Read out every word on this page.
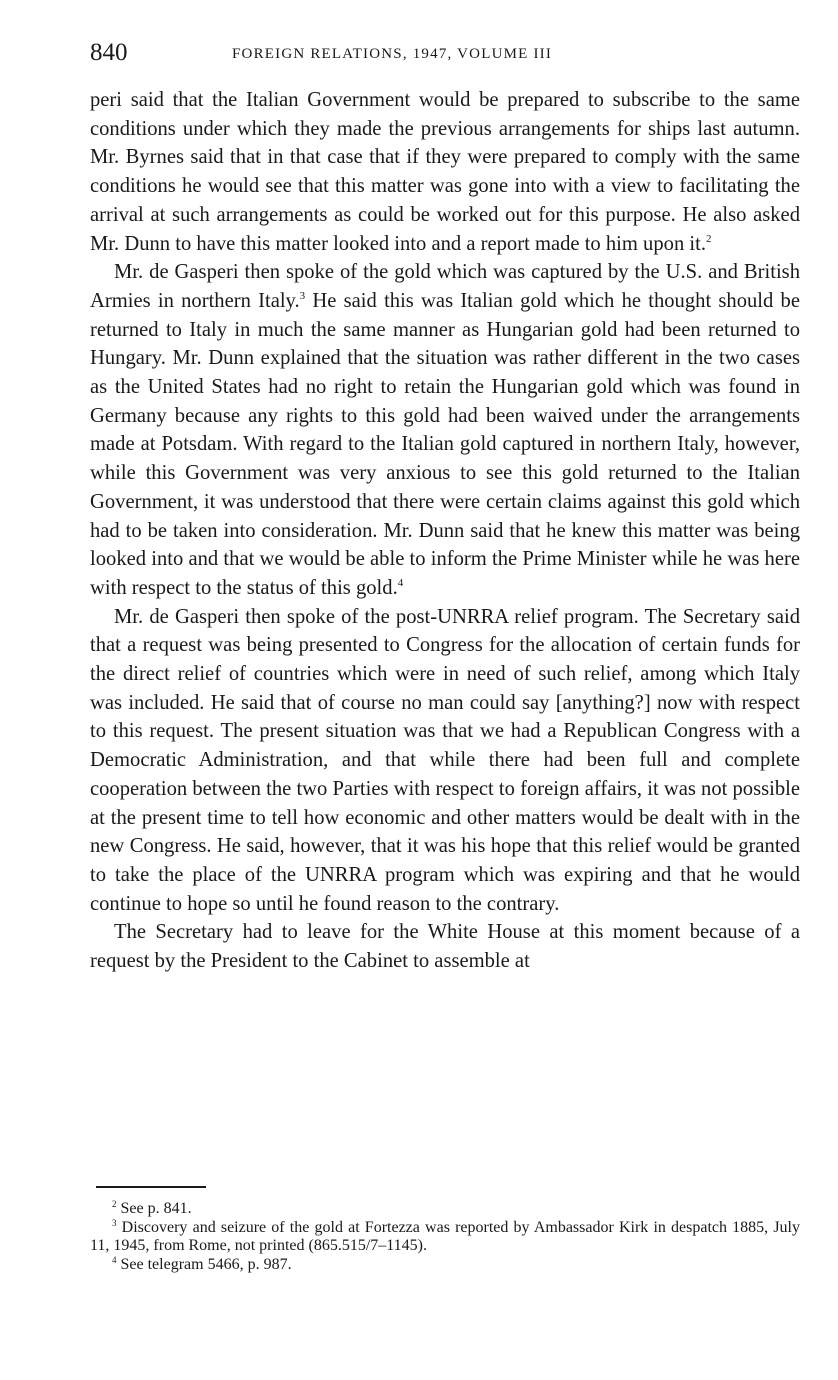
840	FOREIGN RELATIONS, 1947, VOLUME III

peri said that the Italian Government would be prepared to subscribe to the same conditions under which they made the previous arrangements for ships last autumn. Mr. Byrnes said that in that case that if they were prepared to comply with the same conditions he would see that this matter was gone into with a view to facilitating the arrival at such arrangements as could be worked out for this purpose. He also asked Mr. Dunn to have this matter looked into and a report made to him upon it.$^2$

Mr. de Gasperi then spoke of the gold which was captured by the U.S. and British Armies in northern Italy.$^3$ He said this was Italian gold which he thought should be returned to Italy in much the same manner as Hungarian gold had been returned to Hungary. Mr. Dunn explained that the situation was rather different in the two cases as the United States had no right to retain the Hungarian gold which was found in Germany because any rights to this gold had been waived under the arrangements made at Potsdam. With regard to the Italian gold captured in northern Italy, however, while this Government was very anxious to see this gold returned to the Italian Government, it was understood that there were certain claims against this gold which had to be taken into consideration. Mr. Dunn said that he knew this matter was being looked into and that we would be able to inform the Prime Minister while he was here with respect to the status of this gold.$^4$

Mr. de Gasperi then spoke of the post-UNRRA relief program. The Secretary said that a request was being presented to Congress for the allocation of certain funds for the direct relief of countries which were in need of such relief, among which Italy was included. He said that of course no man could say [anything?] now with respect to this request. The present situation was that we had a Republican Congress with a Democratic Administration, and that while there had been full and complete cooperation between the two Parties with respect to foreign affairs, it was not possible at the present time to tell how economic and other matters would be dealt with in the new Congress. He said, however, that it was his hope that this relief would be granted to take the place of the UNRRA program which was expiring and that he would continue to hope so until he found reason to the contrary.

The Secretary had to leave for the White House at this moment because of a request by the President to the Cabinet to assemble at

$^2$ See p. 841.

$^3$ Discovery and seizure of the gold at Fortezza was reported by Ambassador Kirk in despatch 1885, July 11, 1945, from Rome, not printed (865.515/7–1145).

$^4$ See telegram 5466, p. 987.
